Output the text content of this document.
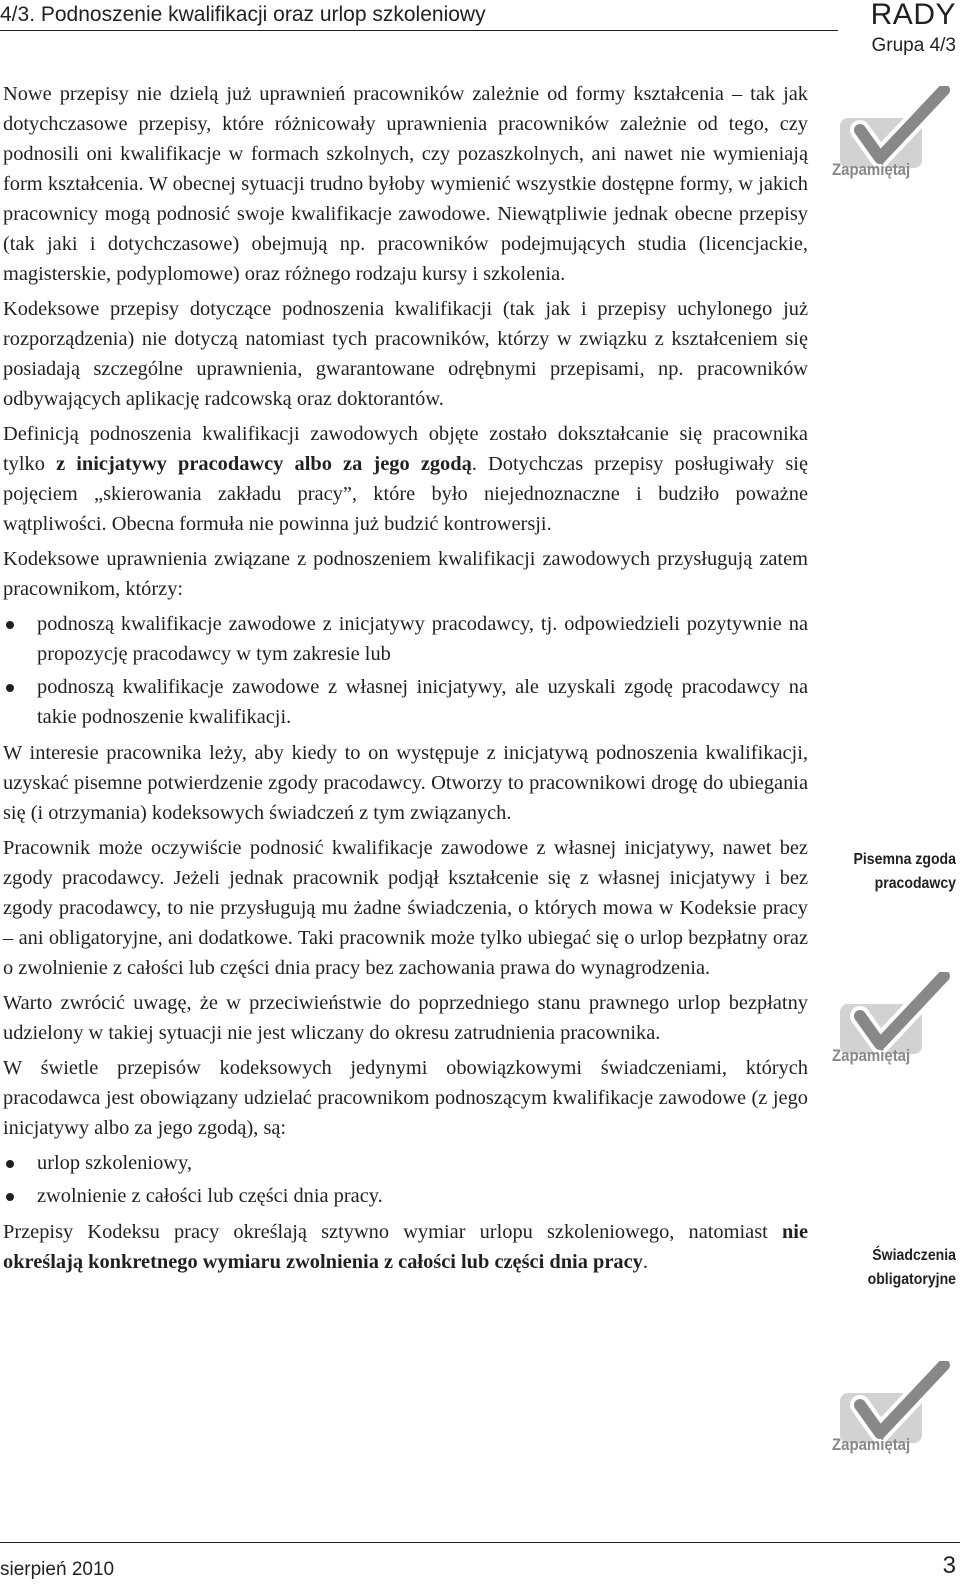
4/3. Podnoszenie kwalifikacji oraz urlop szkoleniowy	RADY
Grupa 4/3

Nowe przepisy nie dzielą już uprawnień pracowników zależnie od formy kształcenia – tak jak dotychczasowe przepisy, które różnicowały uprawnienia pracowników zależnie od tego, czy podnosili oni kwalifikacje w formach szkolnych, czy pozaszkolnych, ani nawet nie wymieniają form kształcenia. W obecnej sytuacji trudno byłoby wymienić wszystkie dostępne formy, w jakich pracownicy mogą podnosić swoje kwalifikacje zawodowe. Niewątpliwie jednak obecne przepisy (tak jaki i dotychczasowe) obejmują np. pracowników podejmujących studia (licencjackie, magisterskie, podyplomowe) oraz różnego rodzaju kursy i szkolenia.

Kodeksowe przepisy dotyczące podnoszenia kwalifikacji (tak jak i przepisy uchylonego już rozporządzenia) nie dotyczą natomiast tych pracowników, którzy w związku z kształceniem się posiadają szczególne uprawnienia, gwarantowane odrębnymi przepisami, np. pracowników odbywających aplikację radcowską oraz doktorantów.

Definicją podnoszenia kwalifikacji zawodowych objęte zostało dokształcanie się pracownika tylko z inicjatywy pracodawcy albo za jego zgodą. Dotychczas przepisy posługiwały się pojęciem „skierowania zakładu pracy”, które było niejednoznaczne i budziło poważne wątpliwości. Obecna formuła nie powinna już budzić kontrowersji.

Kodeksowe uprawnienia związane z podnoszeniem kwalifikacji zawodowych przysługują zatem pracownikom, którzy:

podnoszą kwalifikacje zawodowe z inicjatywy pracodawcy, tj. odpowiedzieli pozytywnie na propozycję pracodawcy w tym zakresie lub
podnoszą kwalifikacje zawodowe z własnej inicjatywy, ale uzyskali zgodę pracodawcy na takie podnoszenie kwalifikacji.

W interesie pracownika leży, aby kiedy to on występuje z inicjatywą podnoszenia kwalifikacji, uzyskać pisemne potwierdzenie zgody pracodawcy. Otworzy to pracownikowi drogę do ubiegania się (i otrzymania) kodeksowych świadczeń z tym związanych.

Pracownik może oczywiście podnosić kwalifikacje zawodowe z własnej inicjatywy, nawet bez zgody pracodawcy. Jeżeli jednak pracownik podjął kształcenie się z własnej inicjatywy i bez zgody pracodawcy, to nie przysługują mu żadne świadczenia, o których mowa w Kodeksie pracy – ani obligatoryjne, ani dodatkowe. Taki pracownik może tylko ubiegać się o urlop bezpłatny oraz o zwolnienie z całości lub części dnia pracy bez zachowania prawa do wynagrodzenia.

Warto zwrócić uwagę, że w przeciwieństwie do poprzedniego stanu prawnego urlop bezpłatny udzielony w takiej sytuacji nie jest wliczany do okresu zatrudnienia pracownika.

W świetle przepisów kodeksowych jedynymi obowiązkowymi świadczeniami, których pracodawca jest obowiązany udzielać pracownikom podnoszącym kwalifikacje zawodowe (z jego inicjatywy albo za jego zgodą), są:

urlop szkoleniowy,
zwolnienie z całości lub części dnia pracy.

Przepisy Kodeksu pracy określają sztywno wymiar urlopu szkoleniowego, natomiast nie określają konkretnego wymiaru zwolnienia z całości lub części dnia pracy.

Zapamiętaj
Pisemna zgoda
pracodawcy
Zapamiętaj
Świadczenia
obligatoryjne
Zapamiętaj
sierpień 2010	3
